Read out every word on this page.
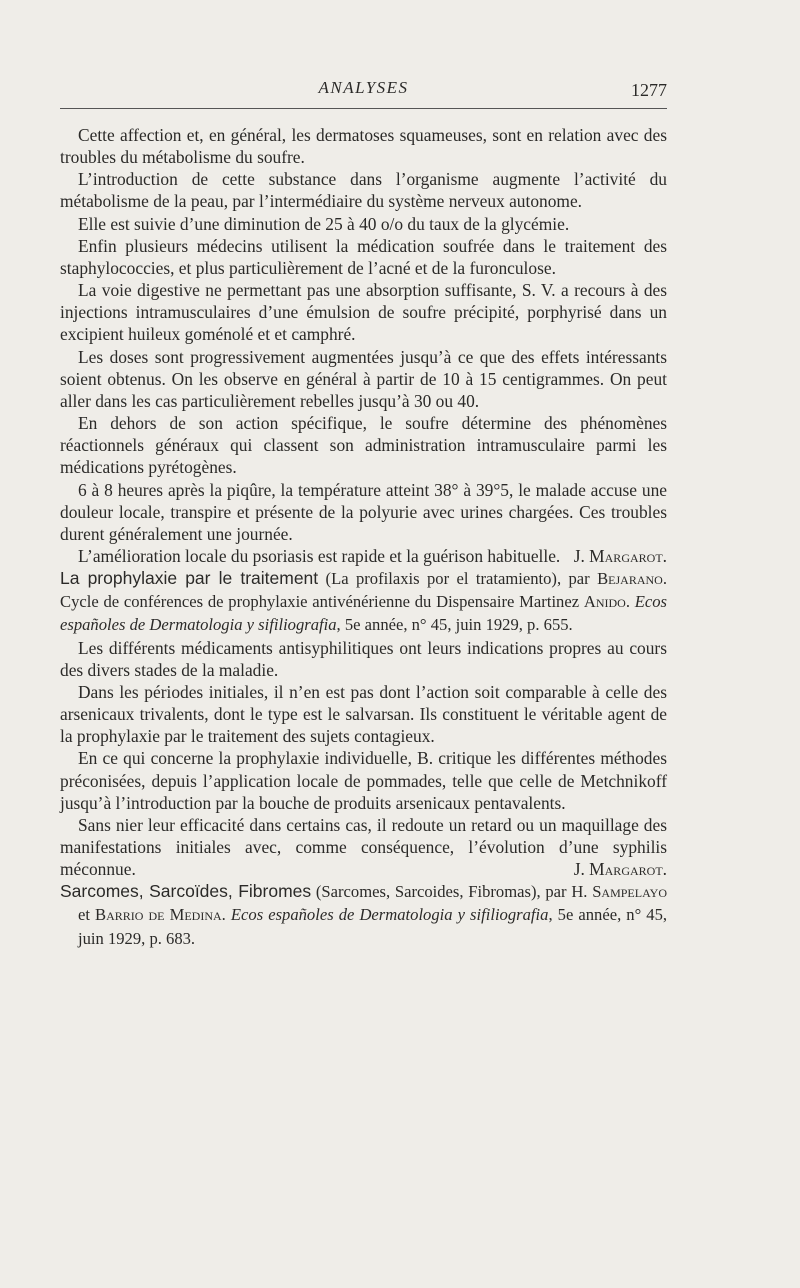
ANALYSES	1277

Cette affection et, en général, les dermatoses squameuses, sont en relation avec des troubles du métabolisme du soufre.

L’introduction de cette substance dans l’organisme augmente l’activité du métabolisme de la peau, par l’intermédiaire du système nerveux autonome.

Elle est suivie d’une diminution de 25 à 40 o/o du taux de la glycémie.

Enfin plusieurs médecins utilisent la médication soufrée dans le traitement des staphylococcies, et plus particulièrement de l’acné et de la furonculose.

La voie digestive ne permettant pas une absorption suffisante, S. V. a recours à des injections intramusculaires d’une émulsion de soufre précipité, porphyrisé dans un excipient huileux goménolé et et camphré.

Les doses sont progressivement augmentées jusqu’à ce que des effets intéressants soient obtenus. On les observe en général à partir de 10 à 15 centigrammes. On peut aller dans les cas particulièrement rebelles jusqu’à 30 ou 40.

En dehors de son action spécifique, le soufre détermine des phénomènes réactionnels généraux qui classent son administration intramusculaire parmi les médications pyrétogènes.

6 à 8 heures après la piqûre, la température atteint 38° à 39°5, le malade accuse une douleur locale, transpire et présente de la polyurie avec urines chargées. Ces troubles durent généralement une journée.

L’amélioration locale du psoriasis est rapide et la guérison habituelle. J. Margarot.

La prophylaxie par le traitement (La profilaxis por el tratamiento), par Bejarano. Cycle de conférences de prophylaxie antivénérienne du Dispensaire Martinez Anido. Ecos españoles de Dermatologia y sifiliografia, 5e année, n° 45, juin 1929, p. 655.

Les différents médicaments antisyphilitiques ont leurs indications propres au cours des divers stades de la maladie.

Dans les périodes initiales, il n’en est pas dont l’action soit comparable à celle des arsenicaux trivalents, dont le type est le salvarsan. Ils constituent le véritable agent de la prophylaxie par le traitement des sujets contagieux.

En ce qui concerne la prophylaxie individuelle, B. critique les différentes méthodes préconisées, depuis l’application locale de pommades, telle que celle de Metchnikoff jusqu’à l’introduction par la bouche de produits arsenicaux pentavalents.

Sans nier leur efficacité dans certains cas, il redoute un retard ou un maquillage des manifestations initiales avec, comme conséquence, l’évolution d’une syphilis méconnue.	J. Margarot.

Sarcomes, Sarcoïdes, Fibromes (Sarcomes, Sarcoides, Fibromas), par H. Sampelayo et Barrio de Medina. Ecos españoles de Dermatologia y sifiliografia, 5e année, n° 45, juin 1929, p. 683.
